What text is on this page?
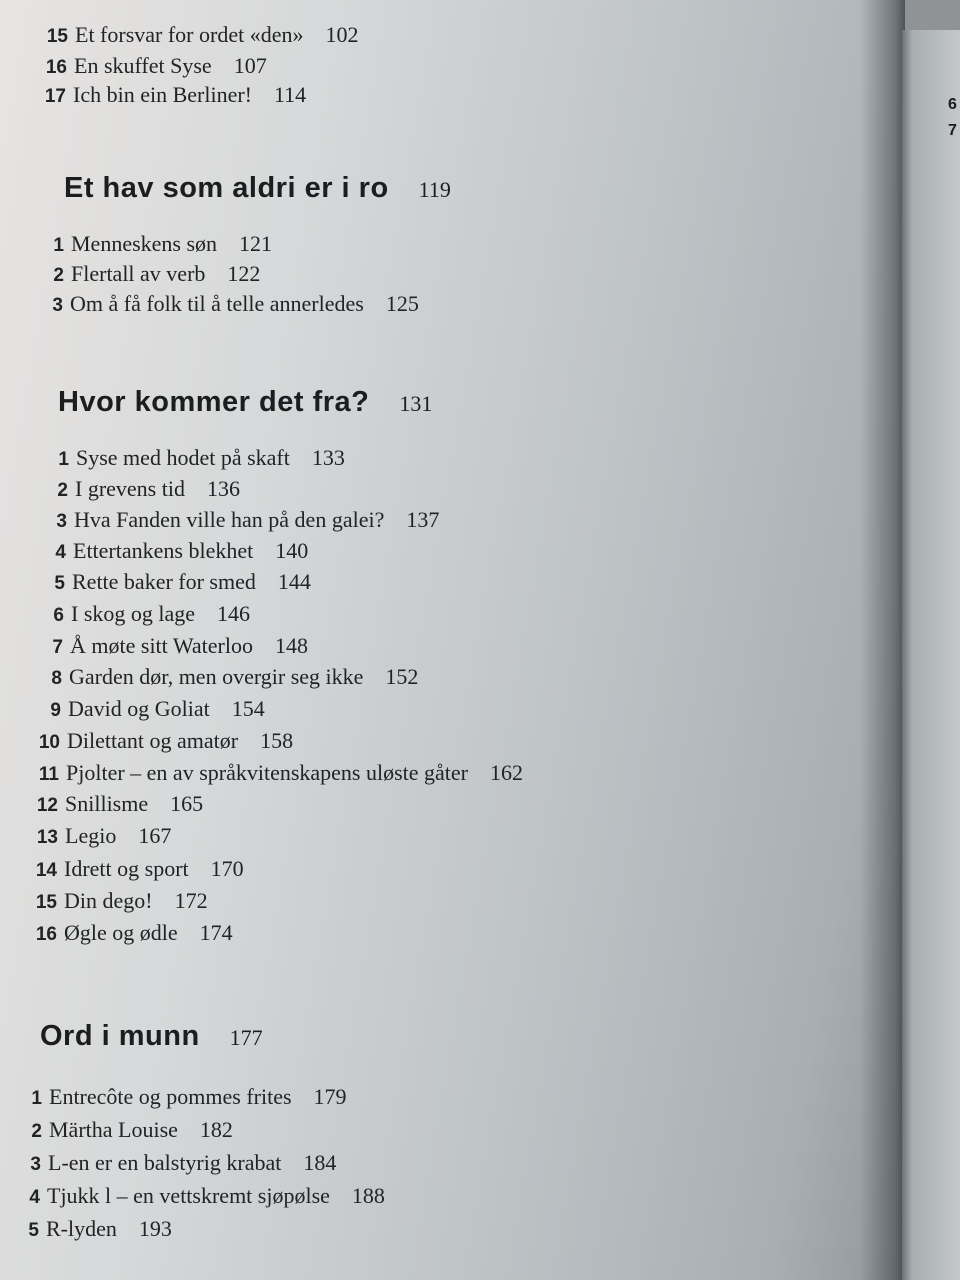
15 Et forsvar for ordet «den» 102
16 En skuffet Syse 107
17 Ich bin ein Berliner! 114
Et hav som aldri er i ro 119
1 Menneskens søn 121
2 Flertall av verb 122
3 Om å få folk til å telle annerledes 125
Hvor kommer det fra? 131
1 Syse med hodet på skaft 133
2 I grevens tid 136
3 Hva Fanden ville han på den galei? 137
4 Ettertankens blekhet 140
5 Rette baker for smed 144
6 I skog og lage 146
7 Å møte sitt Waterloo 148
8 Garden dør, men overgir seg ikke 152
9 David og Goliat 154
10 Dilettant og amatør 158
11 Pjolter – en av språkvitenskapens uløste gåter 162
12 Snillisme 165
13 Legio 167
14 Idrett og sport 170
15 Din dego! 172
16 Øgle og ødle 174
Ord i munn 177
1 Entrecôte og pommes frites 179
2 Märtha Louise 182
3 L-en er en balstyrig krabat 184
4 Tjukk l – en vettskremt sjøpølse 188
5 R-lyden 193
6
7
